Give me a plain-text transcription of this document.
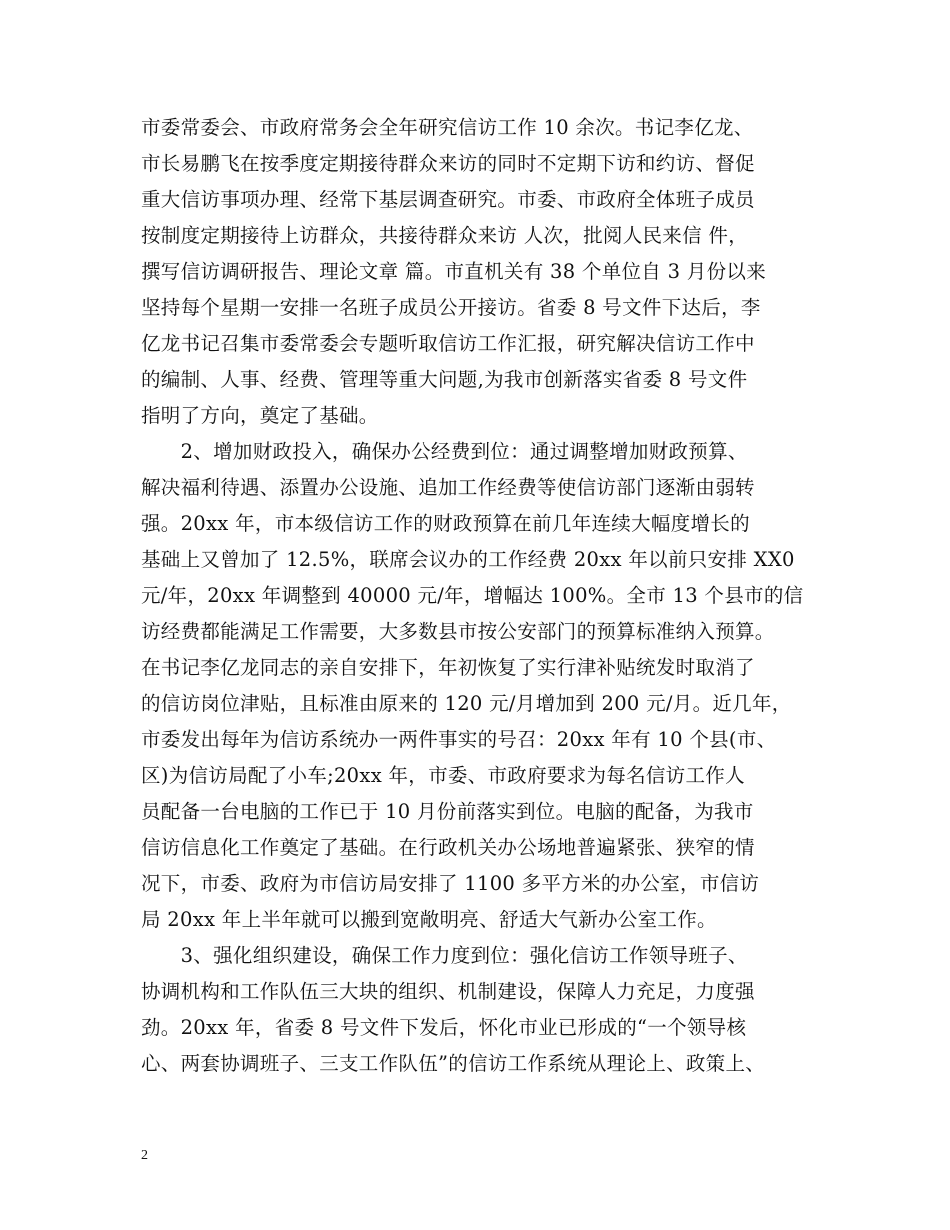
市委常委会、市政府常务会全年研究信访工作 10 余次。书记李亿龙、
市长易鹏飞在按季度定期接待群众来访的同时不定期下访和约访、督促
重大信访事项办理、经常下基层调查研究。市委、市政府全体班子成员
按制度定期接待上访群众，共接待群众来访 人次，批阅人民来信 件，
撰写信访调研报告、理论文章 篇。市直机关有 38 个单位自 3 月份以来
坚持每个星期一安排一名班子成员公开接访。省委 8 号文件下达后，李
亿龙书记召集市委常委会专题听取信访工作汇报，研究解决信访工作中
的编制、人事、经费、管理等重大问题,为我市创新落实省委 8 号文件
指明了方向，奠定了基础。
　　2、增加财政投入，确保办公经费到位：通过调整增加财政预算、
解决福利待遇、添置办公设施、追加工作经费等使信访部门逐渐由弱转
强。20xx 年，市本级信访工作的财政预算在前几年连续大幅度增长的
基础上又曾加了 12.5%，联席会议办的工作经费 20xx 年以前只安排 XX0
元/年，20xx 年调整到 40000 元/年，增幅达 100%。全市 13 个县市的信
访经费都能满足工作需要，大多数县市按公安部门的预算标准纳入预算。
在书记李亿龙同志的亲自安排下，年初恢复了实行津补贴统发时取消了
的信访岗位津贴，且标准由原来的 120 元/月增加到 200 元/月。近几年，
市委发出每年为信访系统办一两件事实的号召：20xx 年有 10 个县(市、
区)为信访局配了小车;20xx 年，市委、市政府要求为每名信访工作人
员配备一台电脑的工作已于 10 月份前落实到位。电脑的配备，为我市
信访信息化工作奠定了基础。在行政机关办公场地普遍紧张、狭窄的情
况下，市委、政府为市信访局安排了 1100 多平方米的办公室，市信访
局 20xx 年上半年就可以搬到宽敞明亮、舒适大气新办公室工作。
　　3、强化组织建设，确保工作力度到位：强化信访工作领导班子、
协调机构和工作队伍三大块的组织、机制建设，保障人力充足，力度强
劲。20xx 年，省委 8 号文件下发后，怀化市业已形成的“一个领导核
心、两套协调班子、三支工作队伍”的信访工作系统从理论上、政策上、
2
